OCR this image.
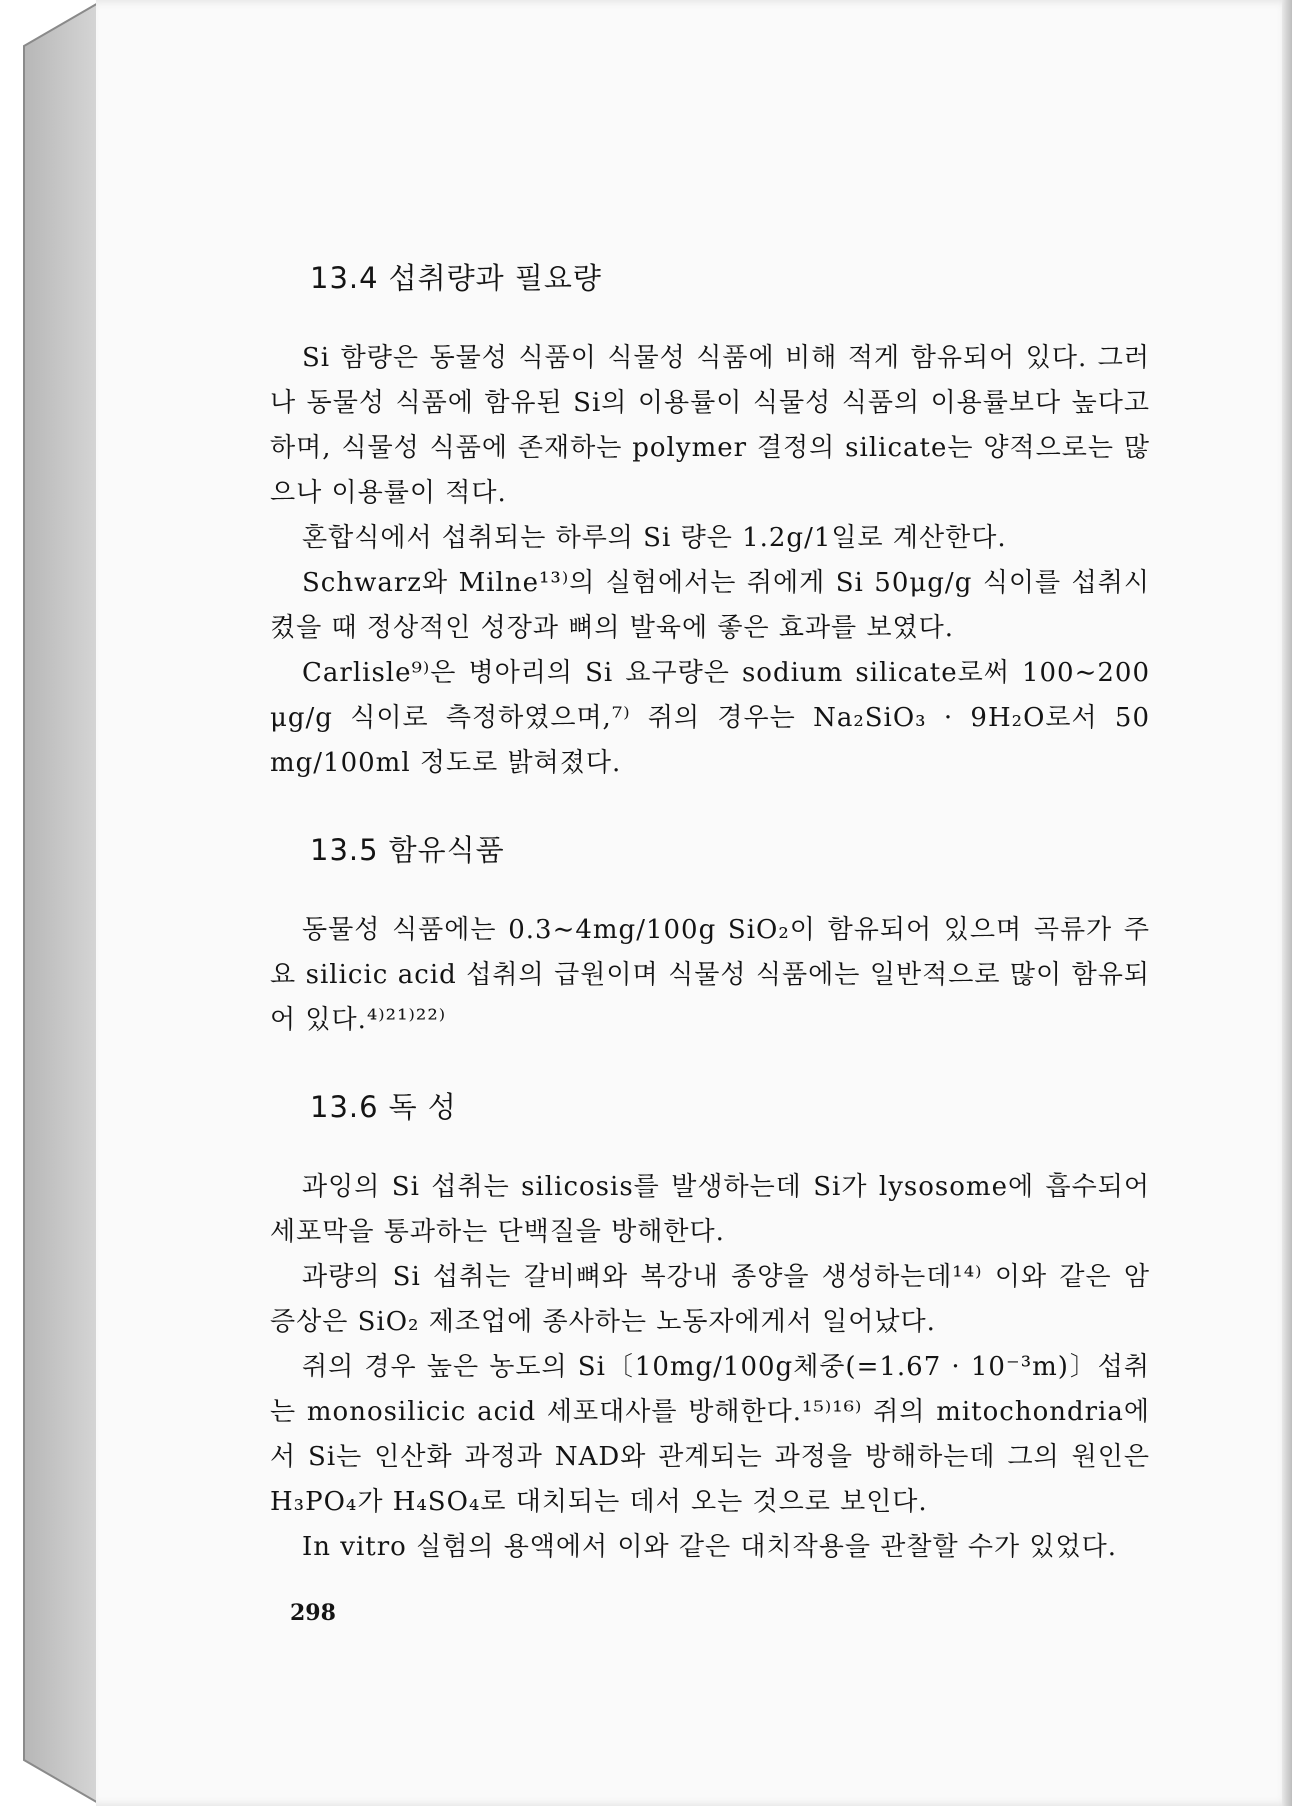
13.4 섭취량과 필요량

Si 함량은 동물성 식품이 식물성 식품에 비해 적게 함유되어 있다. 그러나 동물성 식품에 함유된 Si의 이용률이 식물성 식품의 이용률보다 높다고 하며, 식물성 식품에 존재하는 polymer 결정의 silicate는 양적으로는 많으나 이용률이 적다.

혼합식에서 섭취되는 하루의 Si 량은 1.2g/1일로 계산한다.

Schwarz와 Milne¹³⁾의 실험에서는 쥐에게 Si 50μg/g 식이를 섭취시켰을 때 정상적인 성장과 뼈의 발육에 좋은 효과를 보였다.

Carlisle⁹⁾은 병아리의 Si 요구량은 sodium silicate로써 100∼200 μg/g 식이로 측정하였으며,⁷⁾ 쥐의 경우는 Na₂SiO₃ · 9H₂O로서 50 mg/100ml 정도로 밝혀졌다.

13.5 함유식품

동물성 식품에는 0.3∼4mg/100g SiO₂이 함유되어 있으며 곡류가 주요 silicic acid 섭취의 급원이며 식물성 식품에는 일반적으로 많이 함유되어 있다.⁴⁾²¹⁾²²⁾

13.6 독 성

과잉의 Si 섭취는 silicosis를 발생하는데 Si가 lysosome에 흡수되어 세포막을 통과하는 단백질을 방해한다.

과량의 Si 섭취는 갈비뼈와 복강내 종양을 생성하는데¹⁴⁾ 이와 같은 암 증상은 SiO₂ 제조업에 종사하는 노동자에게서 일어났다.

쥐의 경우 높은 농도의 Si〔10mg/100g체중(=1.67 · 10⁻³m)〕섭취는 monosilicic acid 세포대사를 방해한다.¹⁵⁾¹⁶⁾ 쥐의 mitochondria에서 Si는 인산화 과정과 NAD와 관계되는 과정을 방해하는데 그의 원인은 H₃PO₄가 H₄SO₄로 대치되는 데서 오는 것으로 보인다.

In vitro 실험의 용액에서 이와 같은 대치작용을 관찰할 수가 있었다.

298
